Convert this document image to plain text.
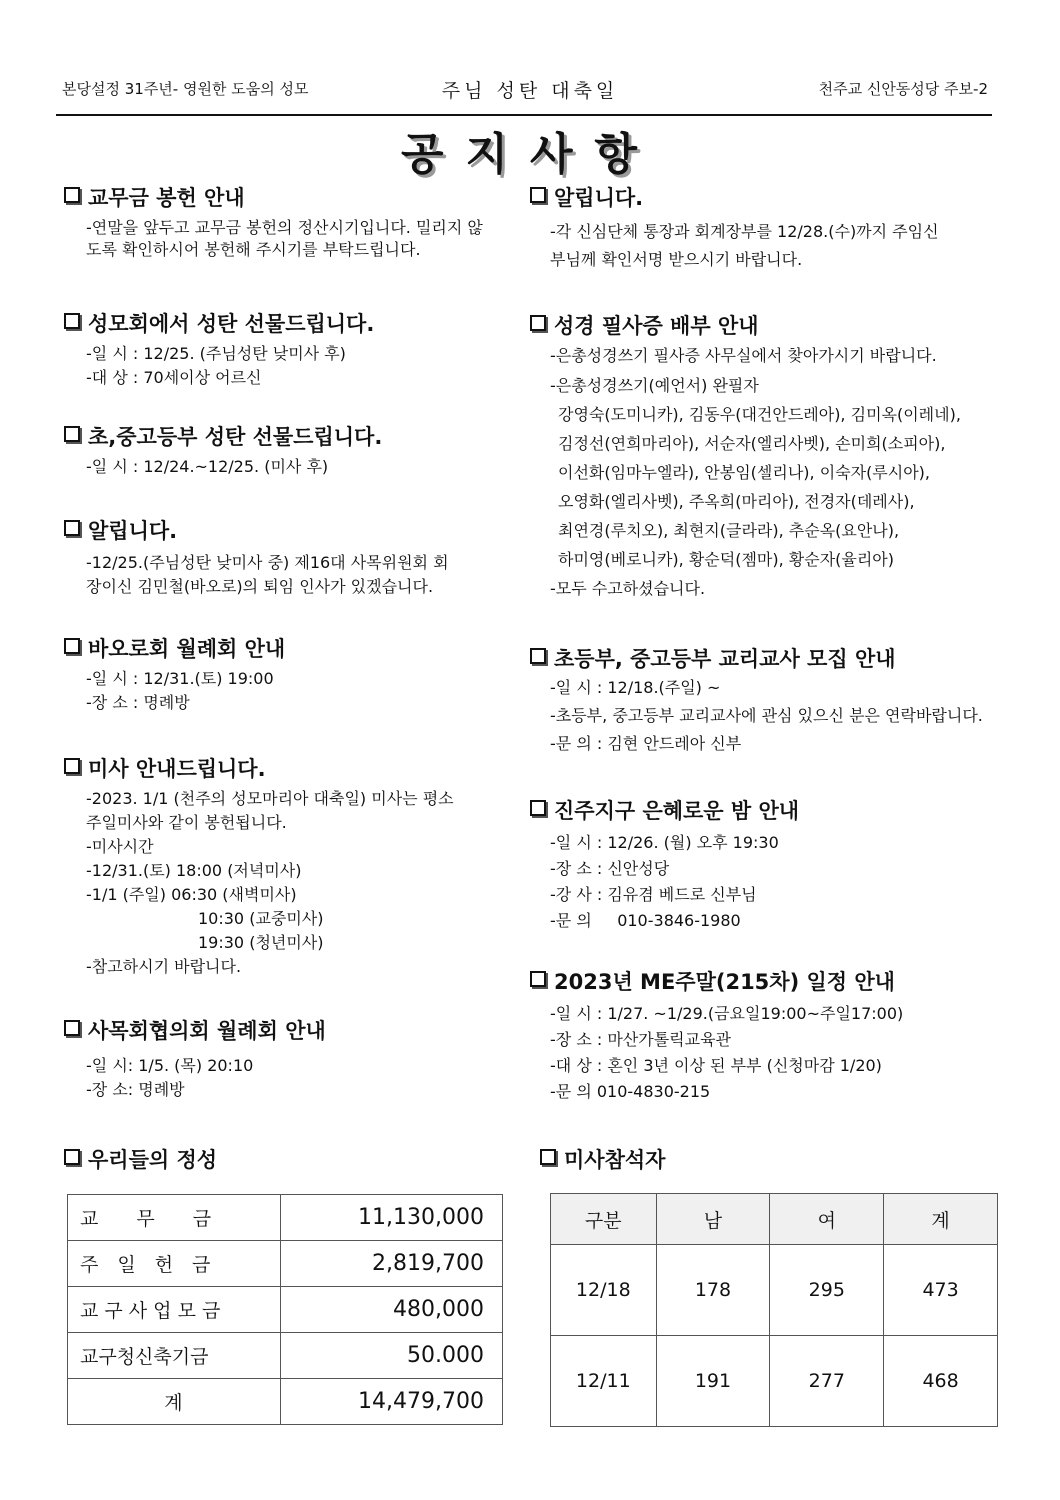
본당설정 31주년- 영원한 도움의 성모	주님 성탄 대축일	천주교 신안동성당 주보-2
공지사항

교무금 봉헌 안내

-연말을 앞두고 교무금 봉헌의 정산시기입니다. 밀리지 않도록 확인하시어 봉헌해 주시기를 부탁드립니다.

성모회에서 성탄 선물드립니다.

-일 시 : 12/25. (주님성탄 낮미사 후)

-대 상 : 70세이상 어르신

초,중고등부 성탄 선물드립니다.

-일 시 : 12/24.~12/25. (미사 후)

알립니다.

-12/25.(주님성탄 낮미사 중) 제16대 사목위원회 회

장이신 김민철(바오로)의 퇴임 인사가 있겠습니다.

바오로회 월례회 안내

-일 시 : 12/31.(토) 19:00

-장 소 : 명례방

미사 안내드립니다.

-2023. 1/1 (천주의 성모마리아 대축일) 미사는 평소

주일미사와 같이 봉헌됩니다.

-미사시간

-12/31.(토) 18:00 (저녁미사)

-1/1 (주일) 06:30 (새벽미사)

10:30 (교중미사)

19:30 (청년미사)

-참고하시기 바랍니다.

사목회협의회 월례회 안내

-일 시: 1/5. (목) 20:10

-장 소: 명례방

알립니다.

-각 신심단체 통장과 회계장부를 12/28.(수)까지 주임신

부님께 확인서명 받으시기 바랍니다.

성경 필사증 배부 안내

-은총성경쓰기 필사증 사무실에서 찾아가시기 바랍니다.

-은총성경쓰기(예언서) 완필자

강영숙(도미니카), 김동우(대건안드레아), 김미옥(이레네),

김정선(연희마리아), 서순자(엘리사벳), 손미희(소피아),

이선화(임마누엘라), 안봉임(셀리나), 이숙자(루시아),

오영화(엘리사벳), 주옥희(마리아), 전경자(데레사),

최연경(루치오), 최현지(글라라), 추순옥(요안나),

하미영(베로니카), 황순덕(젬마), 황순자(율리아)

-모두 수고하셨습니다.

초등부, 중고등부 교리교사 모집 안내

-일 시 : 12/18.(주일) ~

-초등부, 중고등부 교리교사에 관심 있으신 분은 연락바랍니다.

-문 의 : 김현 안드레아 신부

진주지구 은혜로운 밤 안내

-일 시 : 12/26. (월) 오후 19:30

-장 소 : 신안성당

-강 사 : 김유겸 베드로 신부님

-문 의     010-3846-1980

2023년 ME주말(215차) 일정 안내

-일 시 : 1/27. ~1/29.(금요일19:00~주일17:00)

-장 소 : 마산가톨릭교육관

-대 상 : 혼인 3년 이상 된 부부 (신청마감 1/20)

-문 의 010-4830-215

우리들의 정성

교　　무　　금	11,130,000
주　일　헌　금	2,819,700
교 구 사 업 모 금	480,000
교구청신축기금	50.000
계	14,479,700

미사참석자

구분	남	여	계
12/18	178	295	473
12/11	191	277	468
